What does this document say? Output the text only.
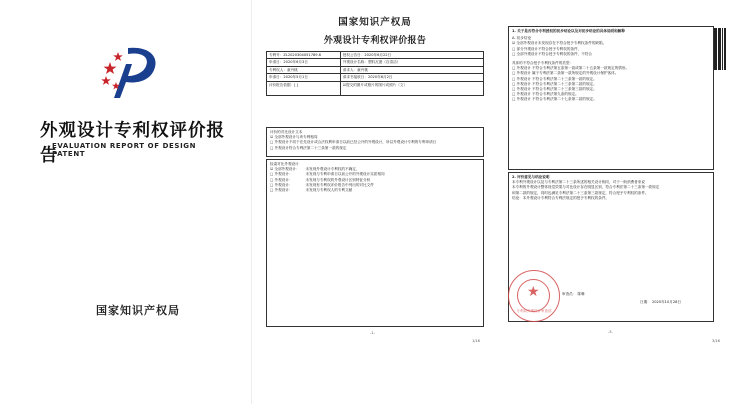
外观设计专利权评价报告
EVALUATION REPORT OF DESIGN PATENT
国家知识产权局
国家知识产权局
外观设计专利权评价报告
专利号：ZL2020304051789.6	授权公告日：2020年6月22日
申请日：2020年6月3日	外观设计名称：塑料瓦窗（自清洁）
专利权人：童丹桃	请求人：童丹桃
申请日：2020年5月1日	请求书接收日：2020年6月2日
评价报告依据：[ ]	☑提交的图片或照片的图片或照片（文）
评价的对比设计文本
☑ 全部外观设计与该专利相同
□ 外观设计不同于在先设计或合法权利申请日以前已经公开的外观设计，所以外观设计专利的专利申请日
□ 外观设计符合专利法第二十三条第一款的规定
检索对比外观设计
☑ 全部外观设计：
□ 外观设计：
□ 外观设计：
□ 外观设计：
□ 外观设计：
未发现外观设计专利权的不确定，
未发现与专利申请日以前公开的外观设计实质相同
未发现与专利权的外观设计区别特征分析
未发现有专利权评价报告中列出的对比文件
未发现与专利权人的专利文献
-1-
1/16
1. 关于是否符合专利授权的初步结论以及对初步结论的具体说明和解释
A. 初步结论
☑ 全部外观设计未发现存在不符合授予专利权条件的缺陷。
□ 部分外观设计不符合授予专利权的条件，
□ 全部外观设计不符合授予专利权的条件，不符合
具体的不符合授予专利权条件的类型：
□ 外观设计 不符合专利法第五条第一款或第二十五条第一款规定的情形。
□ 外观设计 属于专利法第二条第一款所规定的外观设计保护客体。
□ 外观设计 不符合专利法第二十三条第一款的规定。
□ 外观设计 不符合专利法第二十三条第二款的规定。
□ 外观设计 不符合专利法第二十三条第三款的规定。
□ 外观设计 不符合专利法第九条的规定。
□ 外观设计 不符合专利法第二十七条第二款的规定。
2. 评价意见与结论说明
本专利外观设计以及与专利法第二十三条所述的相关设计相同，对于一般消费者来说
本专利的外观设计整体视觉效果与对比设计存在明显区别，符合专利法第二十三条第一款规定
和第二款的规定，同时也满足专利法第二十三条第三款规定，符合授予专利权的条件。
结论：本外观设计专利符合专利法规定的授予专利权的条件。
★
专利局外观设计审查部
审查员： 陈琳
日期： 2020年10月28日
-3-
3/16
